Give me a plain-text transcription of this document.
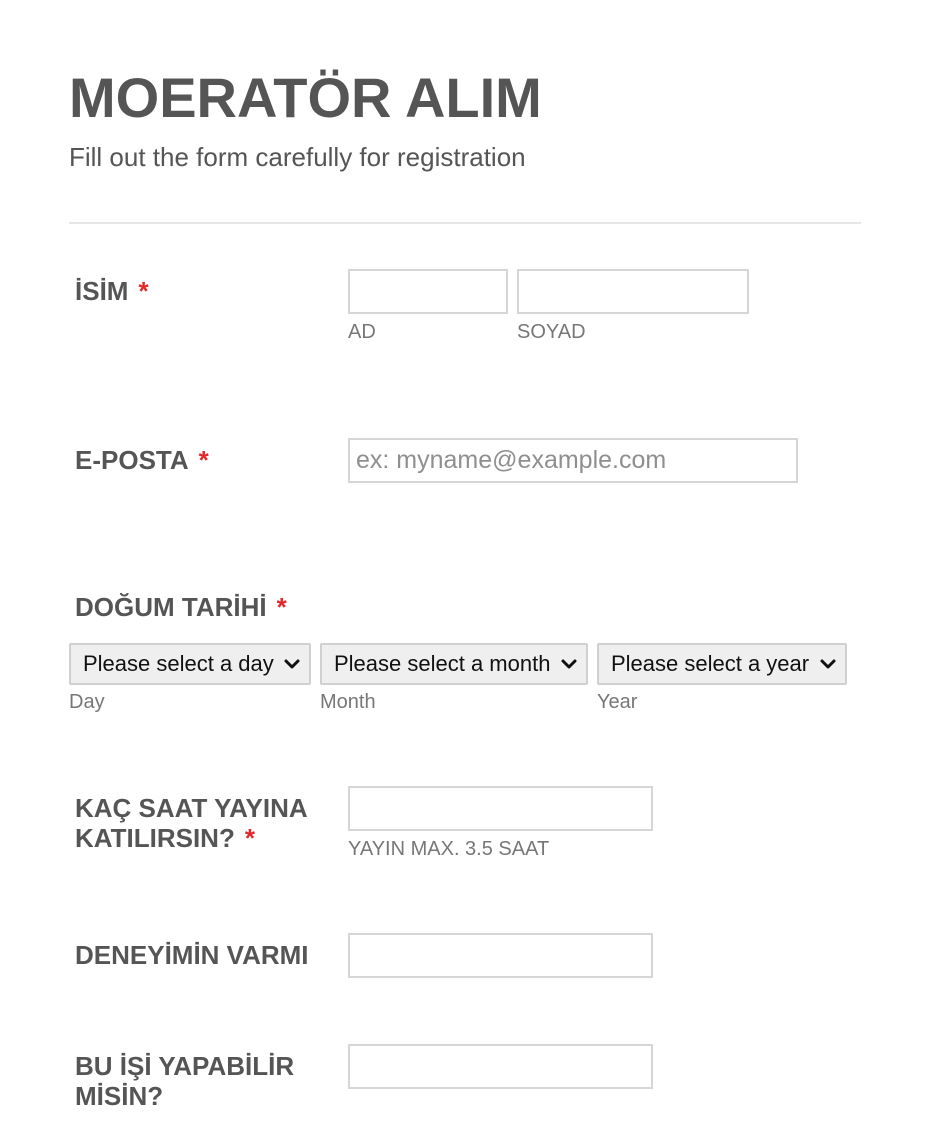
MOERATÖR ALIM

Fill out the form carefully for registration

İSİM *
AD	SOYAD
E-POSTA *
ex: myname@example.com
DOĞUM TARİHİ *
Please select a day	Please select a month	Please select a year
Day	Month	Year
KAÇ SAAT YAYINA
KATILIRSIN? *	YAYIN MAX. 3.5 SAAT
DENEYİMİN VARMI
BU İŞİ YAPABİLİR
MİSİN?
